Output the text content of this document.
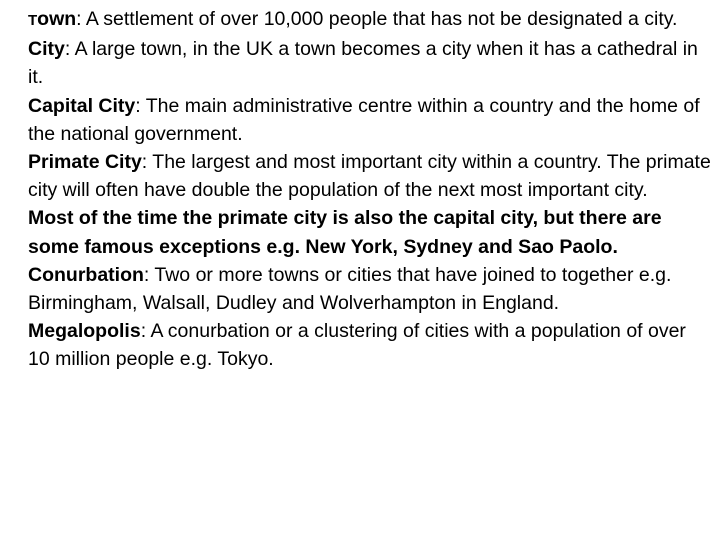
Town: A settlement of over 10,000 people that has not be designated a city.

City: A large town, in the UK a town becomes a city when it has a cathedral in it.

Capital City: The main administrative centre within a country and the home of the national government.

Primate City: The largest and most important city within a country. The primate city will often have double the population of the next most important city.

Most of the time the primate city is also the capital city, but there are some famous exceptions e.g. New York, Sydney and Sao Paolo.

Conurbation: Two or more towns or cities that have joined to together e.g. Birmingham, Walsall, Dudley and Wolverhampton in England.

Megalopolis: A conurbation or a clustering of cities with a population of over 10 million people e.g. Tokyo.
